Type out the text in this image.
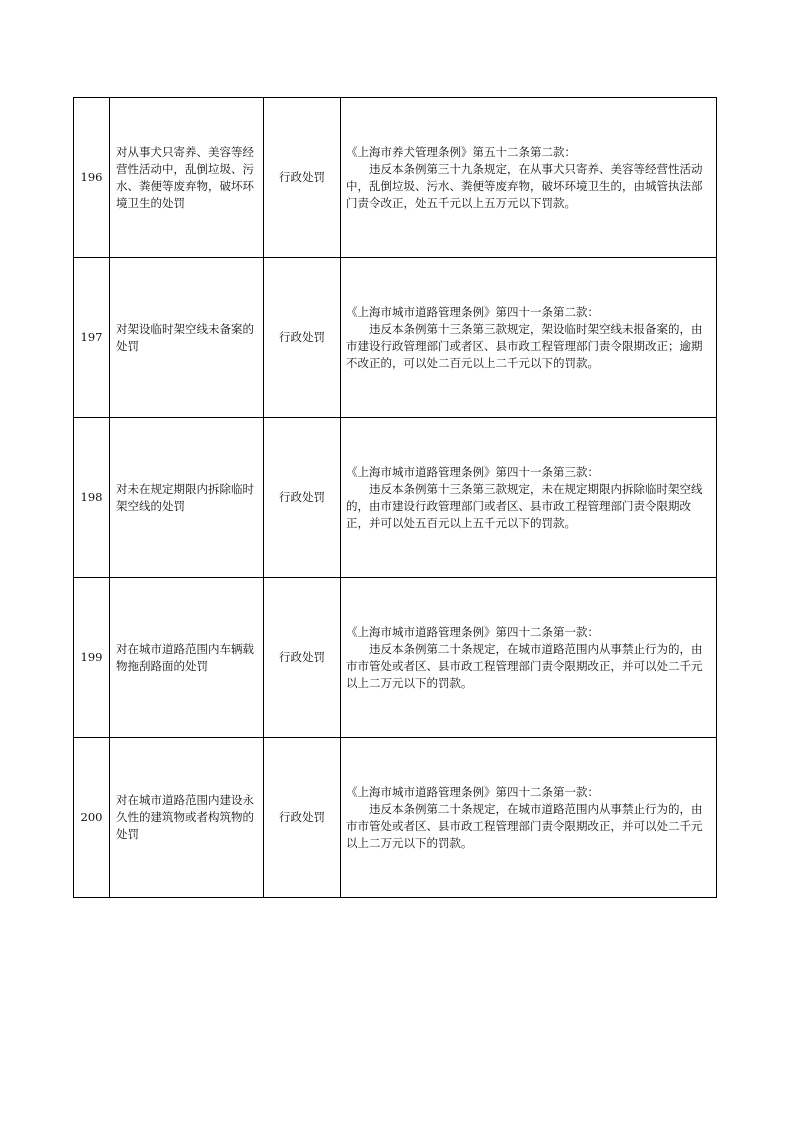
196	对从事犬只寄养、美容等经营性活动中，乱倒垃圾、污水、粪便等废弃物，破坏环境卫生的处罚	行政处罚	《上海市养犬管理条例》第五十二条第二款：
违反本条例第三十九条规定，在从事犬只寄养、美容等经营性活动中，乱倒垃圾、污水、粪便等废弃物，破坏环境卫生的，由城管执法部门责令改正，处五千元以上五万元以下罚款。

197	对架设临时架空线未备案的处罚	行政处罚	《上海市城市道路管理条例》第四十一条第二款：
违反本条例第十三条第三款规定，架设临时架空线未报备案的，由市建设行政管理部门或者区、县市政工程管理部门责令限期改正；逾期不改正的，可以处二百元以上二千元以下的罚款。

198	对未在规定期限内拆除临时架空线的处罚	行政处罚	《上海市城市道路管理条例》第四十一条第三款：
违反本条例第十三条第三款规定，未在规定期限内拆除临时架空线的，由市建设行政管理部门或者区、县市政工程管理部门责令限期改正，并可以处五百元以上五千元以下的罚款。

199	对在城市道路范围内车辆载物拖刮路面的处罚	行政处罚	《上海市城市道路管理条例》第四十二条第一款：
违反本条例第二十条规定，在城市道路范围内从事禁止行为的，由市市管处或者区、县市政工程管理部门责令限期改正，并可以处二千元以上二万元以下的罚款。

200	对在城市道路范围内建设永久性的建筑物或者构筑物的处罚	行政处罚	《上海市城市道路管理条例》第四十二条第一款：
违反本条例第二十条规定，在城市道路范围内从事禁止行为的，由市市管处或者区、县市政工程管理部门责令限期改正，并可以处二千元以上二万元以下的罚款。
